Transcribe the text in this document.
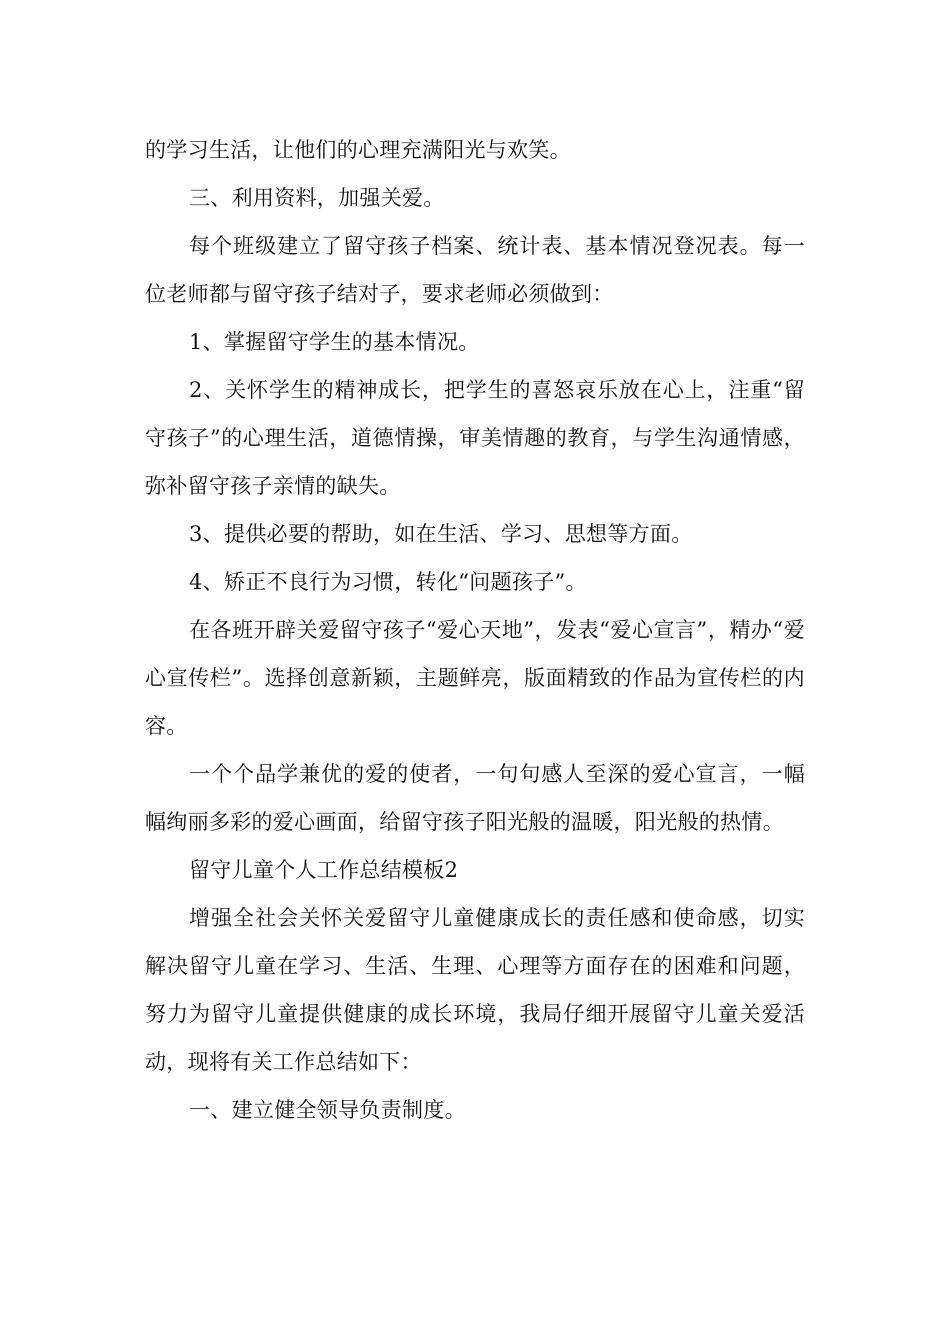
的学习生活，让他们的心理充满阳光与欢笑。

三、利用资料，加强关爱。

每个班级建立了留守孩子档案、统计表、基本情况登况表。每一位老师都与留守孩子结对子，要求老师必须做到：

1、掌握留守学生的基本情况。

2、关怀学生的精神成长，把学生的喜怒哀乐放在心上，注重“留守孩子”的心理生活，道德情操，审美情趣的教育，与学生沟通情感，弥补留守孩子亲情的缺失。

3、提供必要的帮助，如在生活、学习、思想等方面。

4、矫正不良行为习惯，转化“问题孩子”。

在各班开辟关爱留守孩子“爱心天地”，发表“爱心宣言”，精办“爱心宣传栏”。选择创意新颖，主题鲜亮，版面精致的作品为宣传栏的内容。

一个个品学兼优的爱的使者，一句句感人至深的爱心宣言，一幅幅绚丽多彩的爱心画面，给留守孩子阳光般的温暖，阳光般的热情。

留守儿童个人工作总结模板2

增强全社会关怀关爱留守儿童健康成长的责任感和使命感，切实解决留守儿童在学习、生活、生理、心理等方面存在的困难和问题，努力为留守儿童提供健康的成长环境，我局仔细开展留守儿童关爱活动，现将有关工作总结如下：

一、建立健全领导负责制度。
